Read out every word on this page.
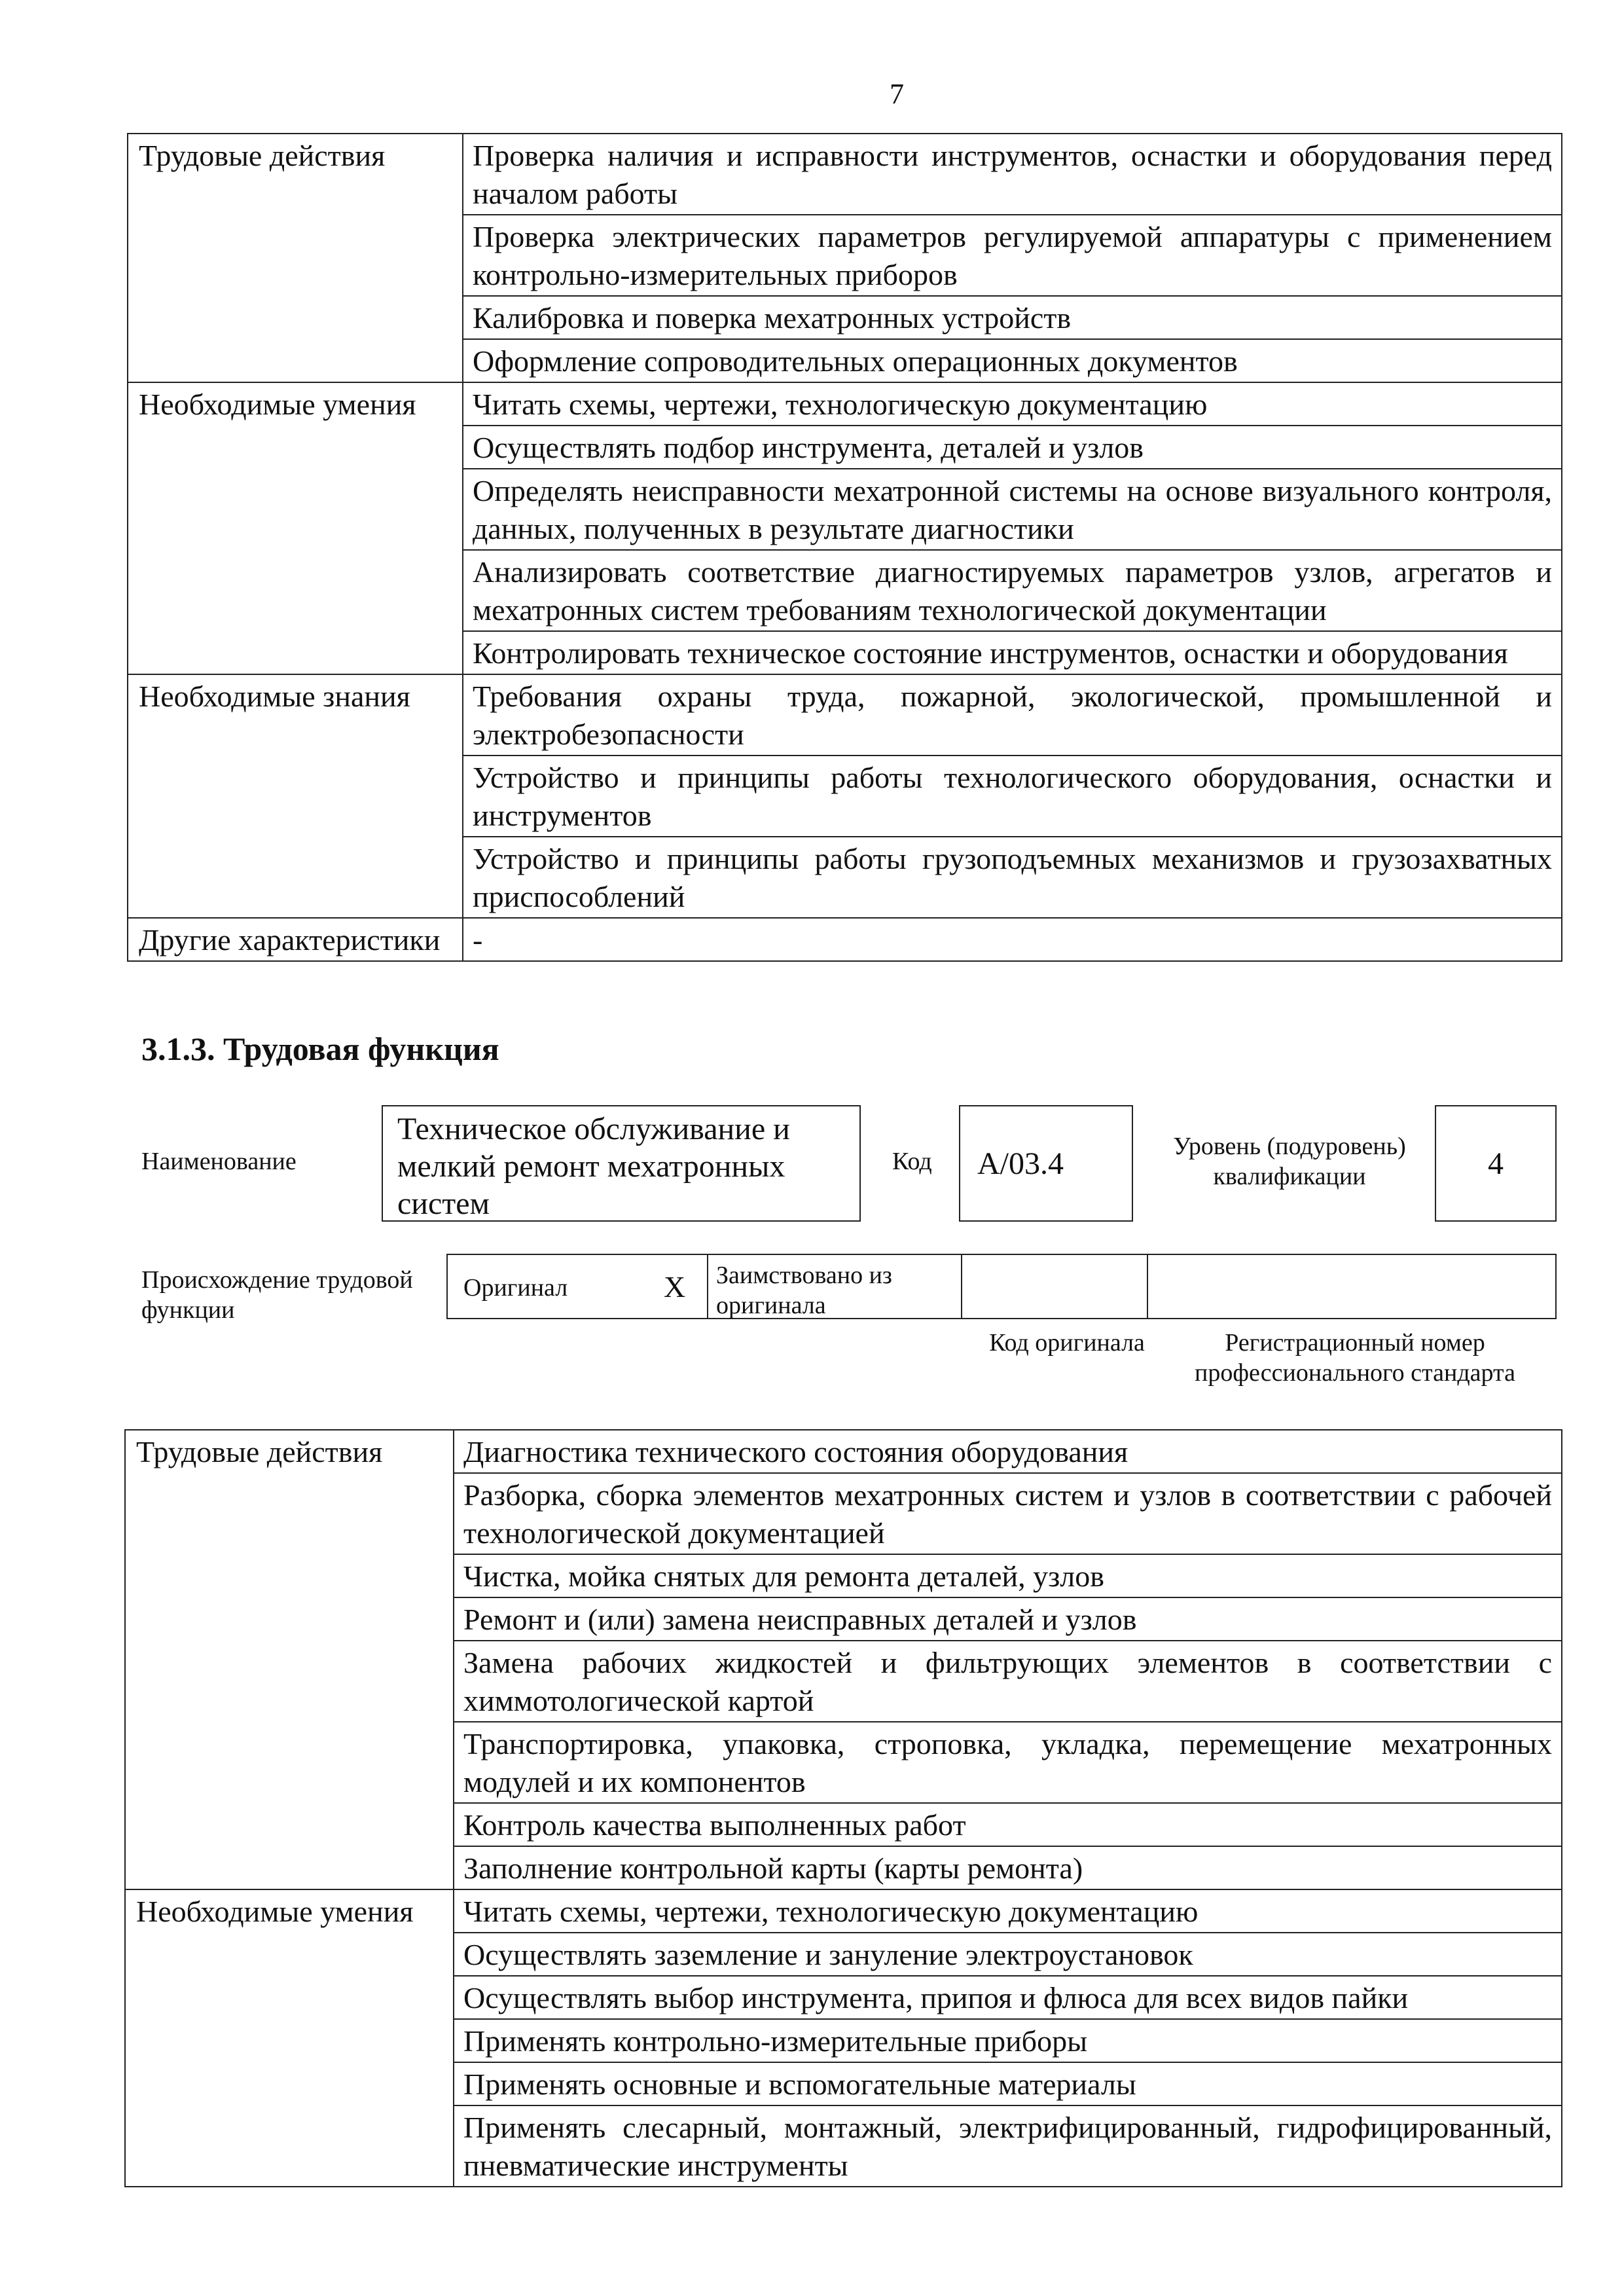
7
Трудовые действия	Проверка наличия и исправности инструментов, оснастки и оборудования перед началом работы
	Проверка электрических параметров регулируемой аппаратуры с применением контрольно-измерительных приборов
	Калибровка и поверка мехатронных устройств
	Оформление сопроводительных операционных документов
Необходимые умения	Читать схемы, чертежи, технологическую документацию
	Осуществлять подбор инструмента, деталей и узлов
	Определять неисправности мехатронной системы на основе визуального контроля, данных, полученных в результате диагностики
	Анализировать соответствие диагностируемых параметров узлов, агрегатов и мехатронных систем требованиям технологической документации
	Контролировать техническое состояние инструментов, оснастки и оборудования
Необходимые знания	Требования охраны труда, пожарной, экологической, промышленной и электробезопасности
	Устройство и принципы работы технологического оборудования, оснастки и инструментов
	Устройство и принципы работы грузоподъемных механизмов и грузозахватных приспособлений
Другие характеристики	-
3.1.3. Трудовая функция
Наименование
Техническое обслуживание и мелкий ремонт мехатронных систем
Код	А/03.4	Уровень (подуровень) квалификации	4
Происхождение трудовой функции
Оригинал	X	Заимствовано из оригинала
Код оригинала	Регистрационный номер профессионального стандарта
Трудовые действия	Диагностика технического состояния оборудования
	Разборка, сборка элементов мехатронных систем и узлов в соответствии с рабочей технологической документацией
	Чистка, мойка снятых для ремонта деталей, узлов
	Ремонт и (или) замена неисправных деталей и узлов
	Замена рабочих жидкостей и фильтрующих элементов в соответствии с химмотологической картой
	Транспортировка, упаковка, строповка, укладка, перемещение мехатронных модулей и их компонентов
	Контроль качества выполненных работ
	Заполнение контрольной карты (карты ремонта)
Необходимые умения	Читать схемы, чертежи, технологическую документацию
	Осуществлять заземление и зануление электроустановок
	Осуществлять выбор инструмента, припоя и флюса для всех видов пайки
	Применять контрольно-измерительные приборы
	Применять основные и вспомогательные материалы
	Применять слесарный, монтажный, электрифицированный, гидрофицированный, пневматические инструменты
